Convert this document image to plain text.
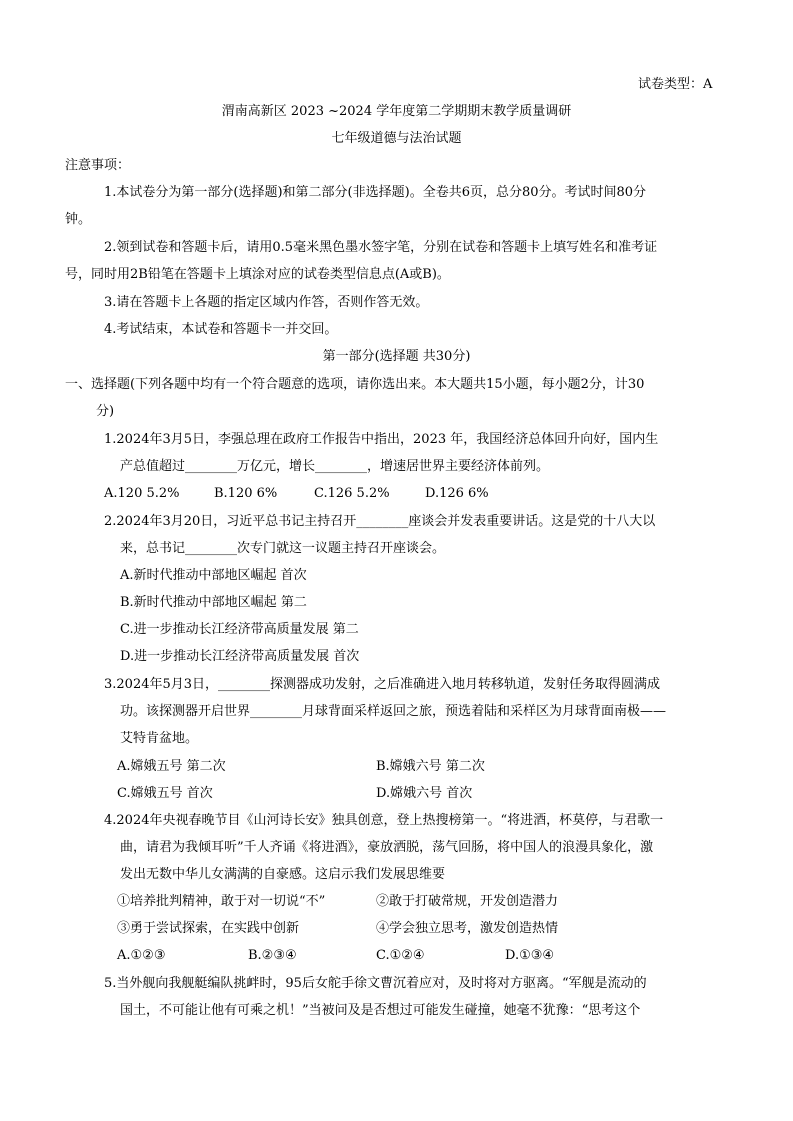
试卷类型：A
渭南高新区 2023 ~2024 学年度第二学期期末教学质量调研
七年级道德与法治试题
注意事项：
1.本试卷分为第一部分(选择题)和第二部分(非选择题)。全卷共6页，总分80分。考试时间80分
钟。
2.领到试卷和答题卡后，请用0.5毫米黑色墨水签字笔，分别在试卷和答题卡上填写姓名和准考证
号，同时用2B铅笔在答题卡上填涂对应的试卷类型信息点(A或B)。
3.请在答题卡上各题的指定区域内作答，否则作答无效。
4.考试结束，本试卷和答题卡一并交回。
第一部分(选择题 共30分)
一、选择题(下列各题中均有一个符合题意的选项，请你选出来。本大题共15小题，每小题2分，计30
分)
1.2024年3月5日，李强总理在政府工作报告中指出，2023 年，我国经济总体回升向好，国内生
产总值超过________万亿元，增长________，增速居世界主要经济体前列。
A.120 5.2%	B.120 6%	C.126 5.2%	D.126 6%
2.2024年3月20日，习近平总书记主持召开________座谈会并发表重要讲话。这是党的十八大以
来，总书记________次专门就这一议题主持召开座谈会。
A.新时代推动中部地区崛起 首次
B.新时代推动中部地区崛起 第二
C.进一步推动长江经济带高质量发展 第二
D.进一步推动长江经济带高质量发展 首次
3.2024年5月3日，________探测器成功发射，之后准确进入地月转移轨道，发射任务取得圆满成
功。该探测器开启世界________月球背面采样返回之旅，预选着陆和采样区为月球背面南极——
艾特肯盆地。
A.嫦娥五号 第二次	B.嫦娥六号 第二次
C.嫦娥五号 首次	D.嫦娥六号 首次
4.2024年央视春晚节目《山河诗长安》独具创意，登上热搜榜第一。“将进酒，杯莫停，与君歌一
曲，请君为我倾耳听”千人齐诵《将进酒》，豪放洒脱，荡气回肠，将中国人的浪漫具象化，激
发出无数中华儿女满满的自豪感。这启示我们发展思维要
①培养批判精神，敢于对一切说“不”	②敢于打破常规，开发创造潜力
③勇于尝试探索，在实践中创新	④学会独立思考，激发创造热情
A.①②③	B.②③④	C.①②④	D.①③④
5.当外舰向我舰艇编队挑衅时，95后女舵手徐文曹沉着应对，及时将对方驱离。“军舰是流动的
国土，不可能让他有可乘之机！”当被问及是否想过可能发生碰撞，她毫不犹豫：“思考这个
